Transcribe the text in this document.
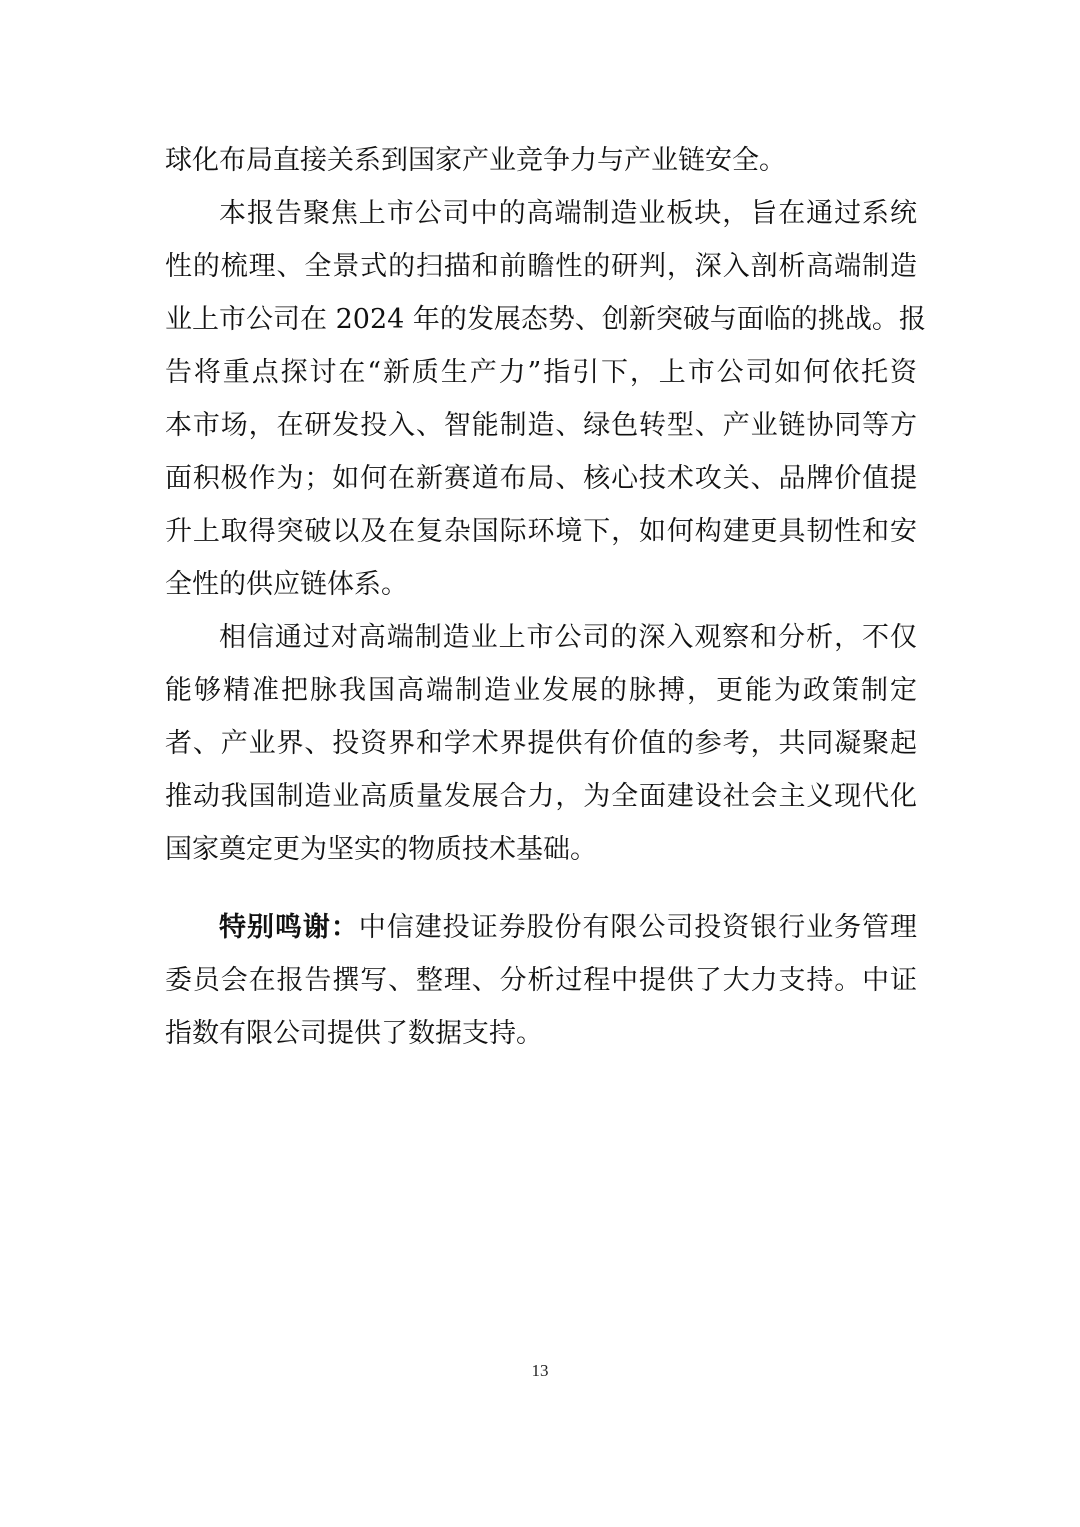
球化布局直接关系到国家产业竞争力与产业链安全。
本报告聚焦上市公司中的高端制造业板块，旨在通过系统
性的梳理、全景式的扫描和前瞻性的研判，深入剖析高端制造
业上市公司在 2024 年的发展态势、创新突破与面临的挑战。报
告将重点探讨在“新质生产力”指引下，上市公司如何依托资
本市场，在研发投入、智能制造、绿色转型、产业链协同等方
面积极作为；如何在新赛道布局、核心技术攻关、品牌价值提
升上取得突破以及在复杂国际环境下，如何构建更具韧性和安
全性的供应链体系。
相信通过对高端制造业上市公司的深入观察和分析，不仅
能够精准把脉我国高端制造业发展的脉搏，更能为政策制定
者、产业界、投资界和学术界提供有价值的参考，共同凝聚起
推动我国制造业高质量发展合力，为全面建设社会主义现代化
国家奠定更为坚实的物质技术基础。
特别鸣谢：中信建投证券股份有限公司投资银行业务管理
委员会在报告撰写、整理、分析过程中提供了大力支持。中证
指数有限公司提供了数据支持。
13
